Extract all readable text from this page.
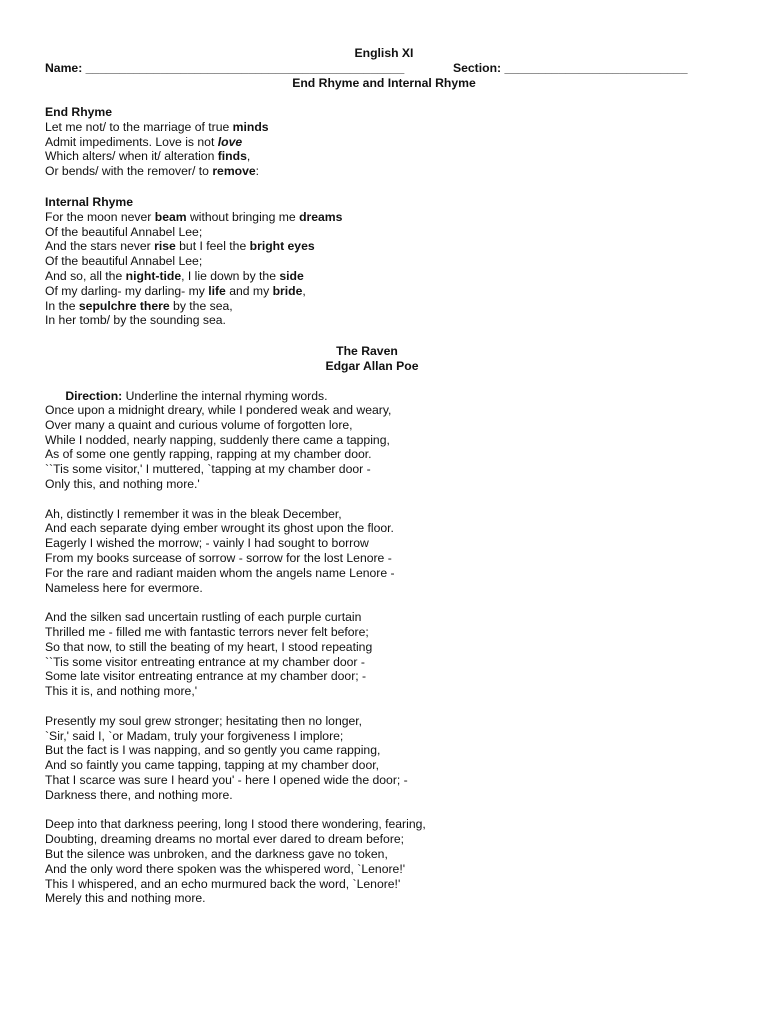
English XI
Name: _______________________________________________	Section: ___________________________
End Rhyme and Internal Rhyme
End Rhyme
Let me not/ to the marriage of true minds
Admit impediments. Love is not love
Which alters/ when it/ alteration finds,
Or bends/ with the remover/ to remove:
Internal Rhyme
For the moon never beam without bringing me dreams
Of the beautiful Annabel Lee;
And the stars never rise but I feel the bright eyes
Of the beautiful Annabel Lee;
And so, all the night-tide, I lie down by the side
Of my darling- my darling- my life and my bride,
In the sepulchre there by the sea,
In her tomb/ by the sounding sea.
The Raven
Edgar Allan Poe

Direction: Underline the internal rhyming words.

Once upon a midnight dreary, while I pondered weak and weary,
Over many a quaint and curious volume of forgotten lore,
While I nodded, nearly napping, suddenly there came a tapping,
As of some one gently rapping, rapping at my chamber door.
``Tis some visitor,' I muttered, `tapping at my chamber door -
Only this, and nothing more.'
Ah, distinctly I remember it was in the bleak December,
And each separate dying ember wrought its ghost upon the floor.
Eagerly I wished the morrow; - vainly I had sought to borrow
From my books surcease of sorrow - sorrow for the lost Lenore -
For the rare and radiant maiden whom the angels name Lenore -
Nameless here for evermore.
And the silken sad uncertain rustling of each purple curtain
Thrilled me - filled me with fantastic terrors never felt before;
So that now, to still the beating of my heart, I stood repeating
``Tis some visitor entreating entrance at my chamber door -
Some late visitor entreating entrance at my chamber door; -
This it is, and nothing more,'
Presently my soul grew stronger; hesitating then no longer,
`Sir,' said I, `or Madam, truly your forgiveness I implore;
But the fact is I was napping, and so gently you came rapping,
And so faintly you came tapping, tapping at my chamber door,
That I scarce was sure I heard you' - here I opened wide the door; -
Darkness there, and nothing more.
Deep into that darkness peering, long I stood there wondering, fearing,
Doubting, dreaming dreams no mortal ever dared to dream before;
But the silence was unbroken, and the darkness gave no token,
And the only word there spoken was the whispered word, `Lenore!'
This I whispered, and an echo murmured back the word, `Lenore!'
Merely this and nothing more.
